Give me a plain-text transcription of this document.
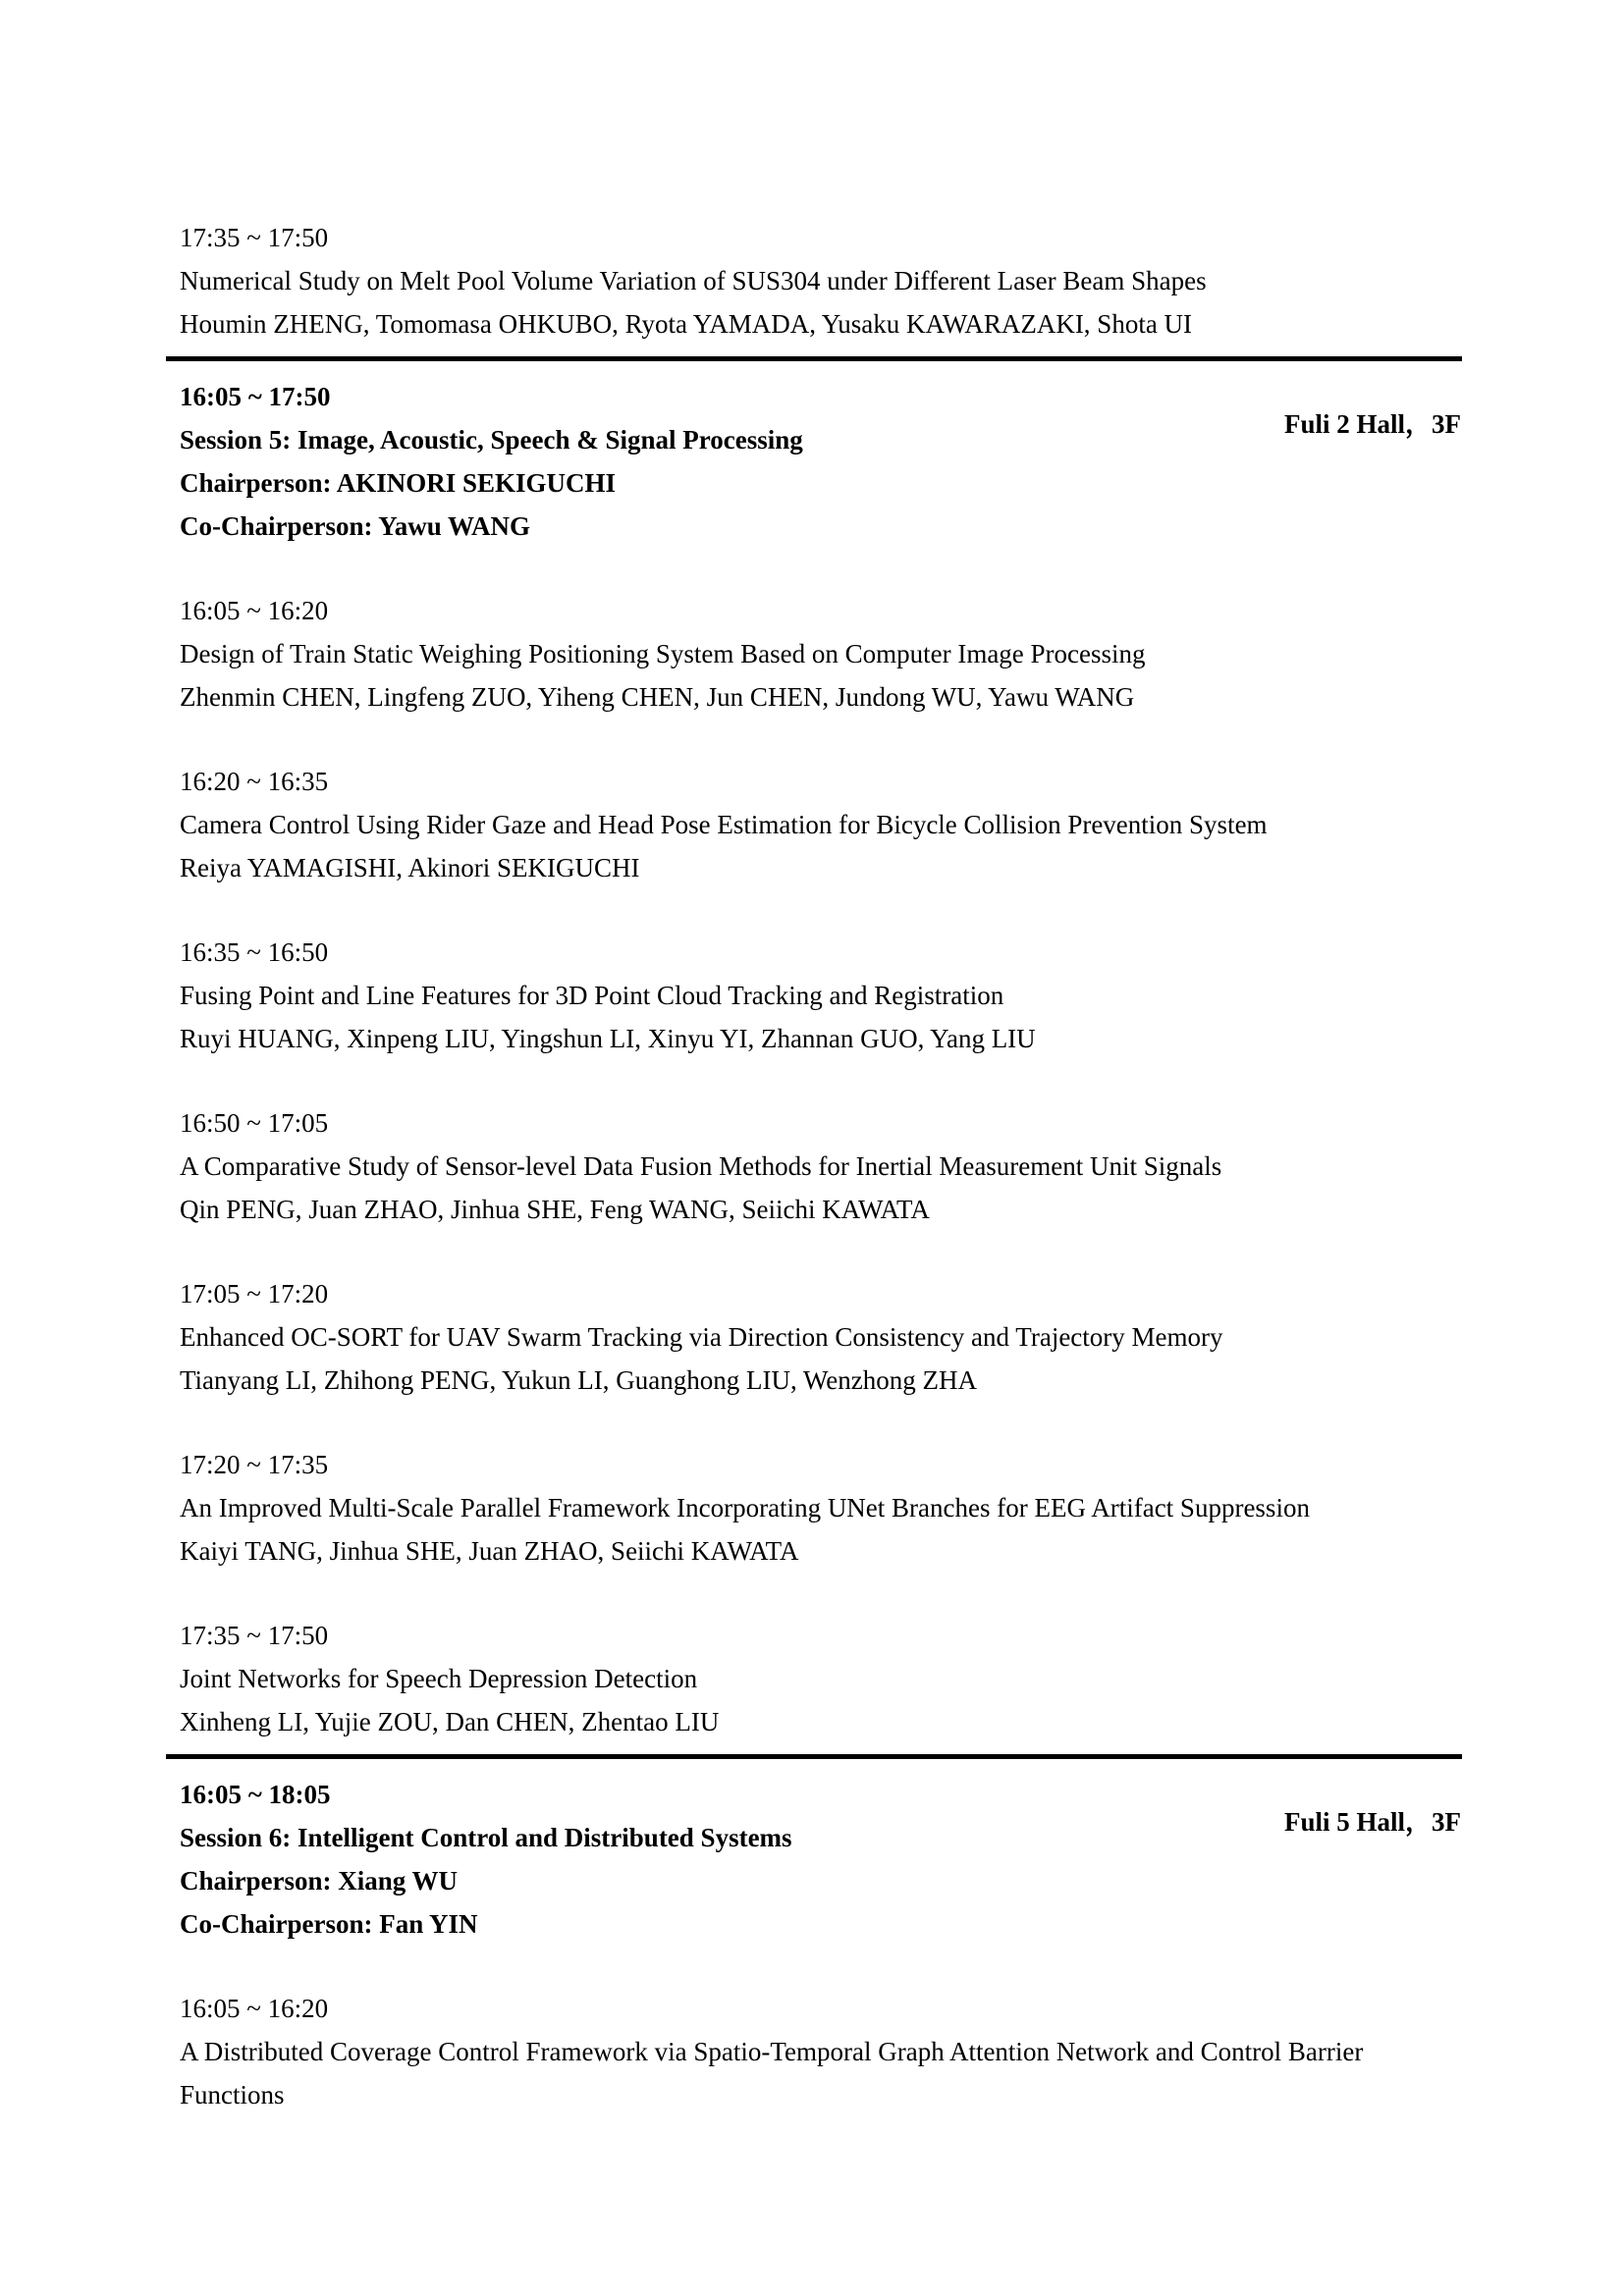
17:35 ~ 17:50
Numerical Study on Melt Pool Volume Variation of SUS304 under Different Laser Beam Shapes
Houmin ZHENG, Tomomasa OHKUBO, Ryota YAMADA, Yusaku KAWARAZAKI, Shota UI
16:05 ~ 17:50
Session 5: Image, Acoustic, Speech & Signal Processing
Chairperson: AKINORI SEKIGUCHI
Co-Chairperson: Yawu WANG
Fuli 2 Hall，3F
16:05 ~ 16:20
Design of Train Static Weighing Positioning System Based on Computer Image Processing
Zhenmin CHEN, Lingfeng ZUO, Yiheng CHEN, Jun CHEN, Jundong WU, Yawu WANG
16:20 ~ 16:35
Camera Control Using Rider Gaze and Head Pose Estimation for Bicycle Collision Prevention System
Reiya YAMAGISHI, Akinori SEKIGUCHI
16:35 ~ 16:50
Fusing Point and Line Features for 3D Point Cloud Tracking and Registration
Ruyi HUANG, Xinpeng LIU, Yingshun LI, Xinyu YI, Zhannan GUO, Yang LIU
16:50 ~ 17:05
A Comparative Study of Sensor-level Data Fusion Methods for Inertial Measurement Unit Signals
Qin PENG, Juan ZHAO, Jinhua SHE, Feng WANG, Seiichi KAWATA
17:05 ~ 17:20
Enhanced OC-SORT for UAV Swarm Tracking via Direction Consistency and Trajectory Memory
Tianyang LI, Zhihong PENG, Yukun LI, Guanghong LIU, Wenzhong ZHA
17:20 ~ 17:35
An Improved Multi-Scale Parallel Framework Incorporating UNet Branches for EEG Artifact Suppression
Kaiyi TANG, Jinhua SHE, Juan ZHAO, Seiichi KAWATA
17:35 ~ 17:50
Joint Networks for Speech Depression Detection
Xinheng LI, Yujie ZOU, Dan CHEN, Zhentao LIU
16:05 ~ 18:05
Session 6: Intelligent Control and Distributed Systems
Chairperson: Xiang WU
Co-Chairperson: Fan YIN
Fuli 5 Hall，3F
16:05 ~ 16:20
A Distributed Coverage Control Framework via Spatio-Temporal Graph Attention Network and Control Barrier
Functions
